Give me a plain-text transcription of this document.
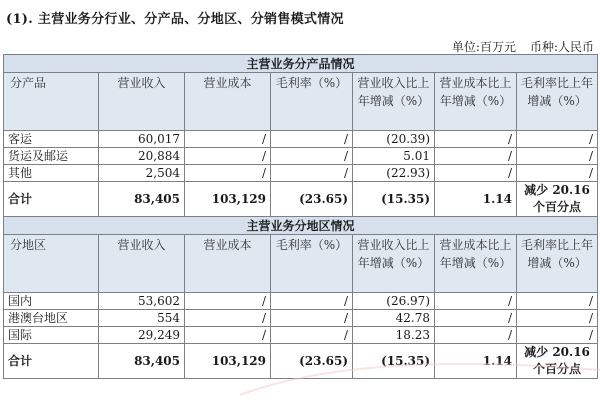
(1). 主营业务分行业、分产品、分地区、分销售模式情况
单位:百万元 币种:人民币
主营业务分产品情况						
分产品	营业收入	营业成本	毛利率（%）	营业收入比上年增减（%）	营业成本比上年增减（%）	毛利率比上年增减（%）
客运	60,017	/	/	(20.39)	/	/
货运及邮运	20,884	/	/	5.01	/	/
其他	2,504	/	/	(22.93)	/	/
合计	83,405	103,129	(23.65)	(15.35)	1.14	减少 20.16 个百分点
主营业务分地区情况						
分地区	营业收入	营业成本	毛利率（%）	营业收入比上年增减（%）	营业成本比上年增减（%）	毛利率比上年增减（%）
国内	53,602	/	/	(26.97)	/	/
港澳台地区	554	/	/	42.78	/	/
国际	29,249	/	/	18.23	/	/
合计	83,405	103,129	(23.65)	(15.35)	1.14	减少 20.16 个百分点
